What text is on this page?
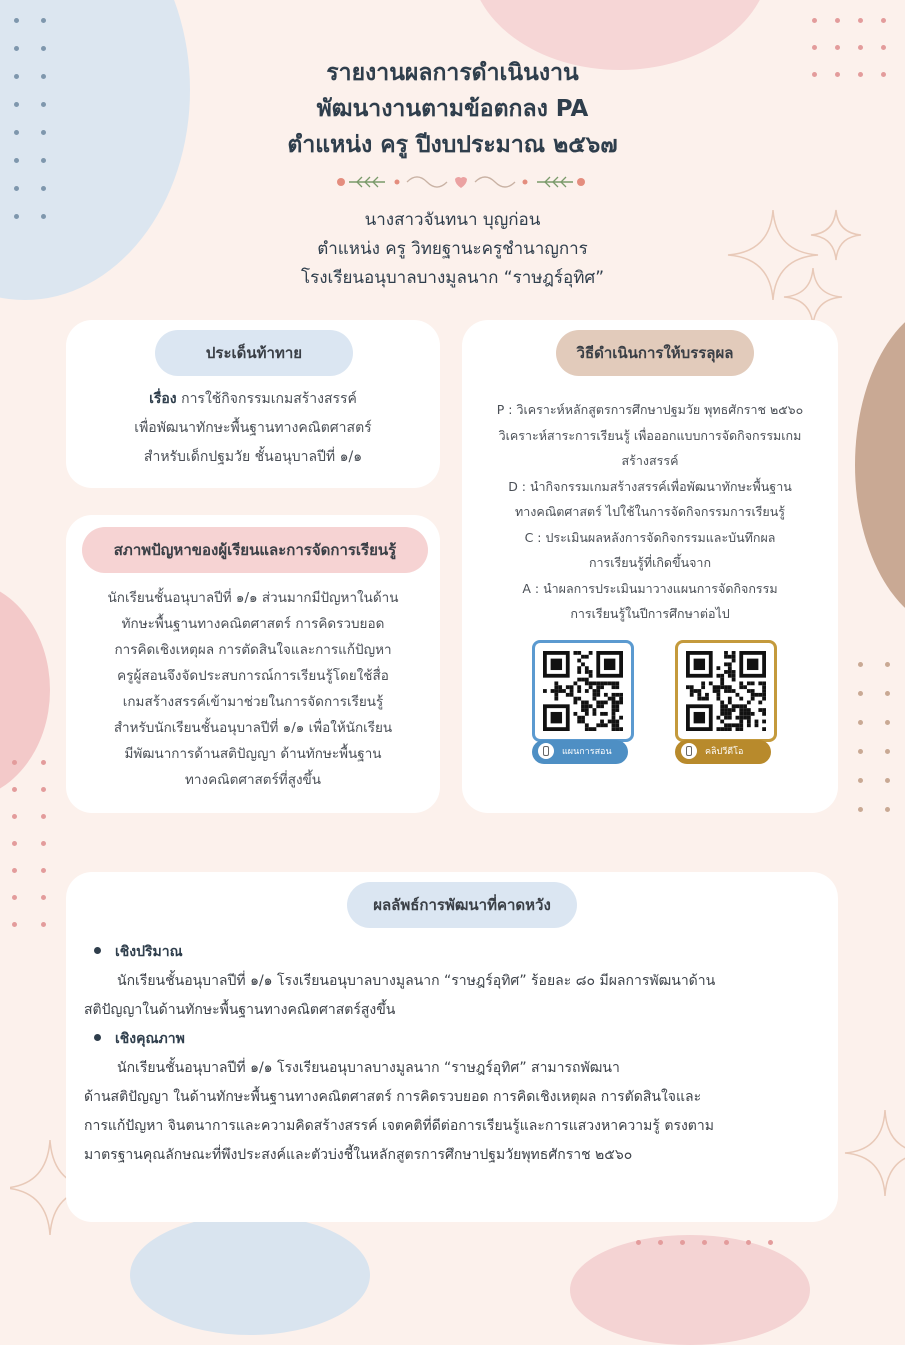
รายงานผลการดำเนินงาน
พัฒนางานตามข้อตกลง PA
ตำแหน่ง ครู ปีงบประมาณ ๒๕๖๗
นางสาวจันทนา บุญก่อน
ตำแหน่ง ครู วิทยฐานะครูชำนาญการ
โรงเรียนอนุบาลบางมูลนาก “ราษฎร์อุทิศ”
ประเด็นท้าทาย
เรื่อง การใช้กิจกรรมเกมสร้างสรรค์
เพื่อพัฒนาทักษะพื้นฐานทางคณิตศาสตร์
สำหรับเด็กปฐมวัย ชั้นอนุบาลปีที่ ๑/๑
สภาพปัญหาของผู้เรียนและการจัดการเรียนรู้
นักเรียนชั้นอนุบาลปีที่ ๑/๑ ส่วนมากมีปัญหาในด้าน
ทักษะพื้นฐานทางคณิตศาสตร์ การคิดรวบยอด
การคิดเชิงเหตุผล การตัดสินใจและการแก้ปัญหา
ครูผู้สอนจึงจัดประสบการณ์การเรียนรู้โดยใช้สื่อ
เกมสร้างสรรค์เข้ามาช่วยในการจัดการเรียนรู้
สำหรับนักเรียนชั้นอนุบาลปีที่ ๑/๑ เพื่อให้นักเรียน
มีพัฒนาการด้านสติปัญญา ด้านทักษะพื้นฐาน
ทางคณิตศาสตร์ที่สูงขึ้น
วิธีดำเนินการให้บรรลุผล
P : วิเคราะห์หลักสูตรการศึกษาปฐมวัย พุทธศักราช ๒๕๖๐
วิเคราะห์สาระการเรียนรู้ เพื่อออกแบบการจัดกิจกรรมเกม
สร้างสรรค์
D : นำกิจกรรมเกมสร้างสรรค์เพื่อพัฒนาทักษะพื้นฐาน
ทางคณิตศาสตร์ ไปใช้ในการจัดกิจกรรมการเรียนรู้
C : ประเมินผลหลังการจัดกิจกรรมและบันทึกผล
การเรียนรู้ที่เกิดขึ้นจาก
A : นำผลการประเมินมาวางแผนการจัดกิจกรรม
การเรียนรู้ในปีการศึกษาต่อไป
แผนการสอน	คลิปวีดีโอ
ผลลัพธ์การพัฒนาที่คาดหวัง
เชิงปริมาณ
นักเรียนชั้นอนุบาลปีที่ ๑/๑ โรงเรียนอนุบาลบางมูลนาก “ราษฎร์อุทิศ” ร้อยละ ๘๐ มีผลการพัฒนาด้าน
สติปัญญาในด้านทักษะพื้นฐานทางคณิตศาสตร์สูงขึ้น
เชิงคุณภาพ
นักเรียนชั้นอนุบาลปีที่ ๑/๑ โรงเรียนอนุบาลบางมูลนาก “ราษฎร์อุทิศ” สามารถพัฒนา
ด้านสติปัญญา ในด้านทักษะพื้นฐานทางคณิตศาสตร์ การคิดรวบยอด การคิดเชิงเหตุผล การตัดสินใจและ
การแก้ปัญหา จินตนาการและความคิดสร้างสรรค์ เจตคติที่ดีต่อการเรียนรู้และการแสวงหาความรู้ ตรงตาม
มาตรฐานคุณลักษณะที่พึงประสงค์และตัวบ่งชี้ในหลักสูตรการศึกษาปฐมวัยพุทธศักราช ๒๕๖๐
